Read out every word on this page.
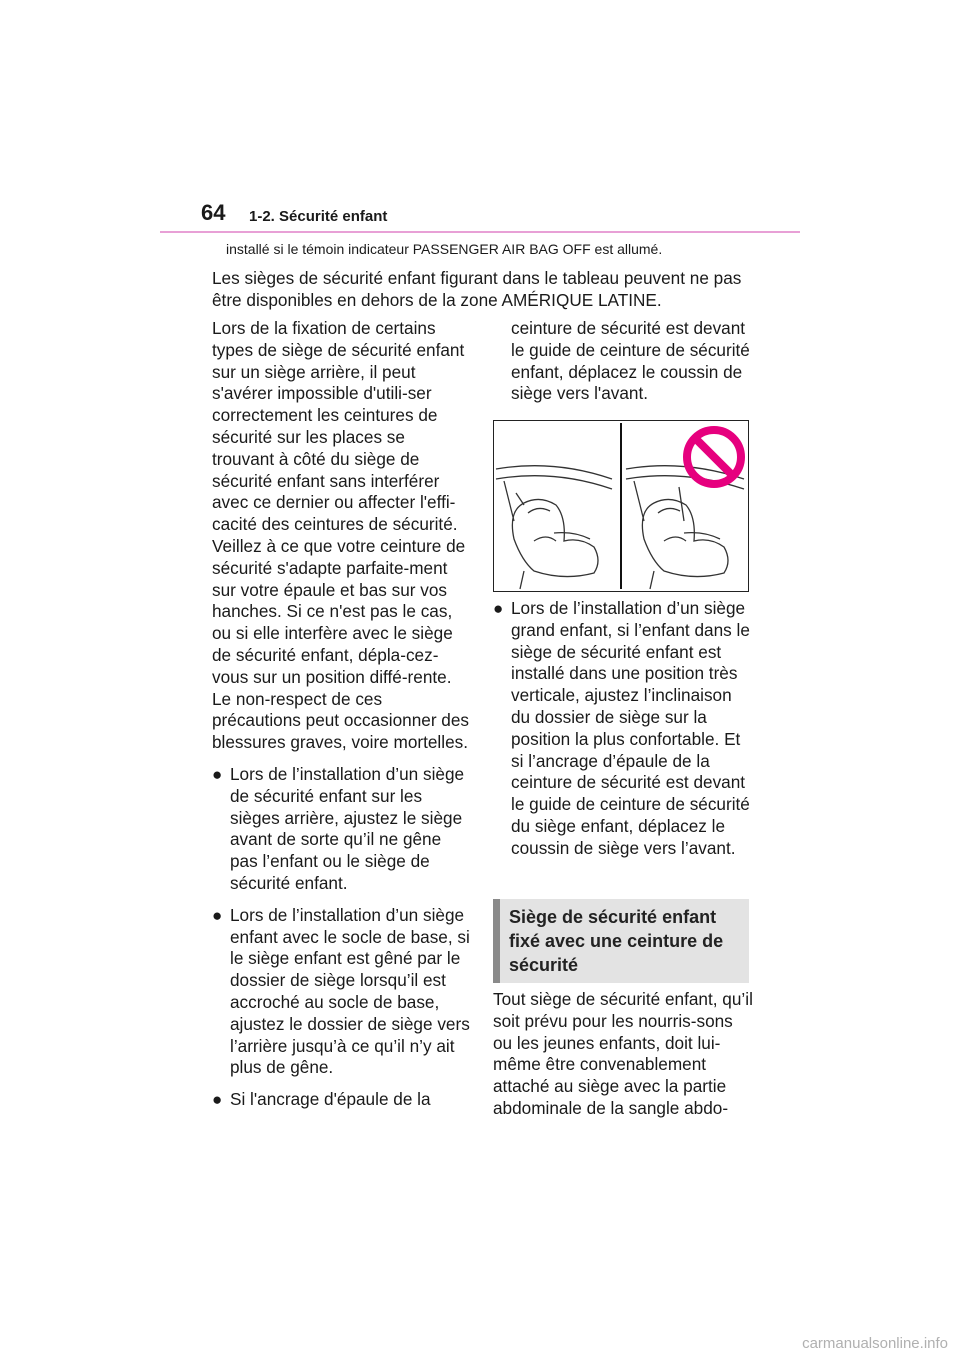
64 1-2. Sécurité enfant
installé si le témoin indicateur PASSENGER AIR BAG OFF est allumé.
Les sièges de sécurité enfant figurant dans le tableau peuvent ne pas être disponibles en dehors de la zone AMÉRIQUE LATINE.

Lors de la fixation de certains types de siège de sécurité enfant sur un siège arrière, il peut s'avérer impossible d'utili-ser correctement les ceintures de sécurité sur les places se trouvant à côté du siège de sécurité enfant sans interférer avec ce dernier ou affecter l'effi-cacité des ceintures de sécurité. Veillez à ce que votre ceinture de sécurité s'adapte parfaite-ment sur votre épaule et bas sur vos hanches. Si ce n'est pas le cas, ou si elle interfère avec le siège de sécurité enfant, dépla-cez-vous sur un position diffé-rente. Le non-respect de ces précautions peut occasionner des blessures graves, voire mortelles.

● Lors de l’installation d’un siège de sécurité enfant sur les sièges arrière, ajustez le siège avant de sorte qu’il ne gêne pas l’enfant ou le siège de sécurité enfant.
● Lors de l’installation d’un siège enfant avec le socle de base, si le siège enfant est gêné par le dossier de siège lorsqu’il est accroché au socle de base, ajustez le dossier de siège vers l’arrière jusqu’à ce qu’il n’y ait plus de gêne.
● Si l'ancrage d'épaule de la
ceinture de sécurité est devant le guide de ceinture de sécurité enfant, déplacez le coussin de siège vers l'avant.
● Lors de l’installation d’un siège grand enfant, si l’enfant dans le siège de sécurité enfant est installé dans une position très verticale, ajustez l’inclinaison du dossier de siège sur la position la plus confortable. Et si l’ancrage d’épaule de la ceinture de sécurité est devant le guide de ceinture de sécurité du siège enfant, déplacez le coussin de siège vers l’avant.
Siège de sécurité enfant fixé avec une ceinture de sécurité
Tout siège de sécurité enfant, qu’il soit prévu pour les nourris-sons ou les jeunes enfants, doit lui-même être convenablement attaché au siège avec la partie abdominale de la sangle abdo-
carmanualsonline.info
